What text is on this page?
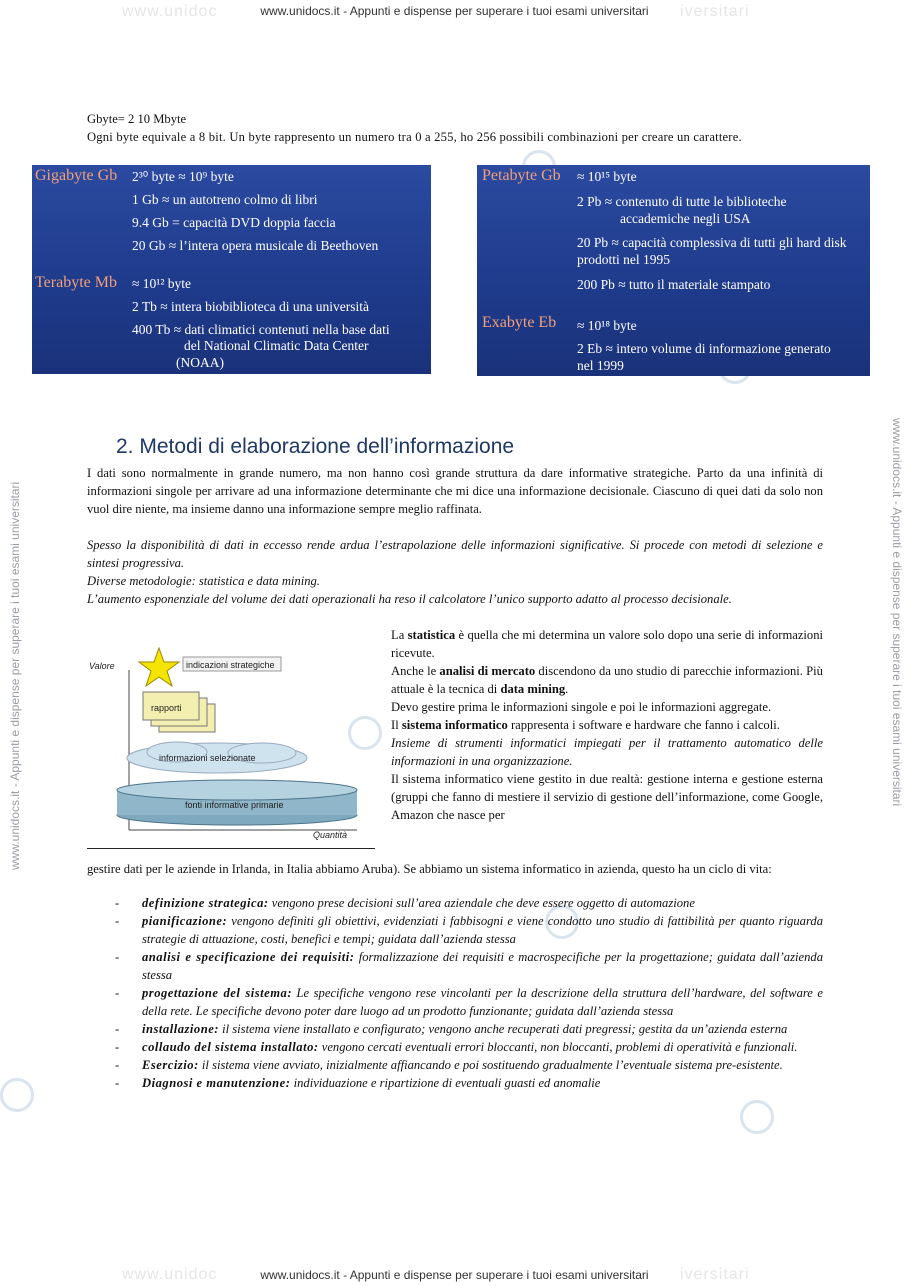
www.unidoc	iversitari
www.unidocs.it - Appunti e dispense per superare i tuoi esami universitari
www.unidoc	iversitari
www.unidocs.it - Appunti e dispense per superare i tuoi esami universitari
www.unidocs.it - Appunti e dispense per superare i tuoi esami universitari	www.unidocs.it - Appunti e dispense per superare i tuoi esami universitari
Gbyte= 2 10 Mbyte
Ogni byte equivale a 8 bit. Un byte rappresento un numero tra 0 a 255, ho 256 possibili combinazioni per creare un carattere.
Gigabyte Gb 2³⁰ byte ≈ 10⁹ byte
1 Gb ≈ un autotreno colmo di libri
9.4 Gb = capacità DVD doppia faccia
20 Gb ≈ l’intera opera musicale di Beethoven
Terabyte Mb ≈ 10¹² byte
2 Tb ≈ intera biobiblioteca di una università
400 Tb ≈ dati climatici contenuti nella base dati
del National Climatic Data Center
(NOAA)
Petabyte Gb ≈ 10¹⁵ byte
2 Pb ≈ contenuto di tutte le biblioteche
accademiche negli USA
20 Pb ≈ capacità complessiva di tutti gli hard disk
prodotti nel 1995
200 Pb ≈ tutto il materiale stampato
Exabyte Eb ≈ 10¹⁸ byte
2 Eb ≈ intero volume di informazione generato
nel 1999
2. Metodi di elaborazione dell’informazione
I dati sono normalmente in grande numero, ma non hanno così grande struttura da dare informative strategiche. Parto da una infinità di informazioni singole per arrivare ad una informazione determinante che mi dice una informazione decisionale. Ciascuno di quei dati da solo non vuol dire niente, ma insieme danno una informazione sempre meglio raffinata.
Spesso la disponibilità di dati in eccesso rende ardua l’estrapolazione delle informazioni significative. Si procede con metodi di selezione e sintesi progressiva.
Diverse metodologie: statistica e data mining.
L’aumento esponenziale del volume dei dati operazionali ha reso il calcolatore l’unico supporto adatto al processo decisionale.
Valore
Quantità
indicazioni strategiche
rapporti
informazioni selezionate
fonti informative primarie

La statistica è quella che mi determina un valore solo dopo una serie di informazioni ricevute.

Anche le analisi di mercato discendono da uno studio di parecchie informazioni. Più attuale è la tecnica di data mining.

Devo gestire prima le informazioni singole e poi le informazioni aggregate.

Il sistema informatico rappresenta i software e hardware che fanno i calcoli.

Insieme di strumenti informatici impiegati per il trattamento automatico delle informazioni in una organizzazione.

Il sistema informatico viene gestito in due realtà: gestione interna e gestione esterna (gruppi che fanno di mestiere il servizio di gestione dell’informazione, come Google, Amazon che nasce per

gestire dati per le aziende in Irlanda, in Italia abbiamo Aruba). Se abbiamo un sistema informatico in azienda, questo ha un ciclo di vita:
- definizione strategica: vengono prese decisioni sull’area aziendale che deve essere oggetto di automazione
- pianificazione: vengono definiti gli obiettivi, evidenziati i fabbisogni e viene condotto uno studio di fattibilità per quanto riguarda strategie di attuazione, costi, benefici e tempi; guidata dall’azienda stessa
- analisi e specificazione dei requisiti: formalizzazione dei requisiti e macrospecifiche per la progettazione; guidata dall’azienda stessa
- progettazione del sistema: Le specifiche vengono rese vincolanti per la descrizione della struttura dell’hardware, del software e della rete. Le specifiche devono poter dare luogo ad un prodotto funzionante; guidata dall’azienda stessa
- installazione: il sistema viene installato e configurato; vengono anche recuperati dati pregressi; gestita da un’azienda esterna
- collaudo del sistema installato: vengono cercati eventuali errori bloccanti, non bloccanti, problemi di operatività e funzionali.
- Esercizio: il sistema viene avviato, inizialmente affiancando e poi sostituendo gradualmente l’eventuale sistema pre-esistente.
- Diagnosi e manutenzione: individuazione e ripartizione di eventuali guasti ed anomalie
